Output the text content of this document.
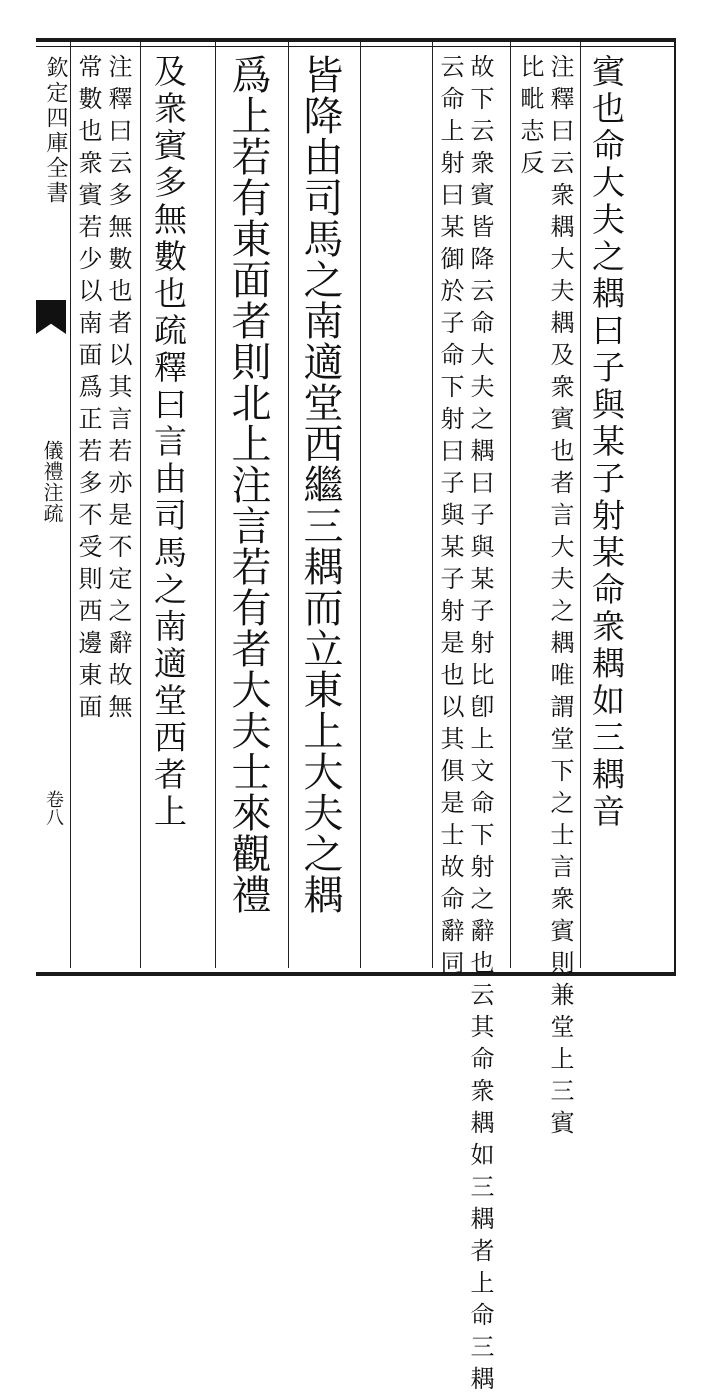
欽定四庫全書
儀禮注疏
卷八	賓也命大夫之耦曰子與某子射某命衆耦如三耦音
注釋曰云衆耦大夫耦及衆賓也者言大夫之耦唯謂堂下之士言衆賓則兼堂上三賓
比毗志反
故下云衆賓皆降云命大夫之耦曰子與某子射比卽上文命下射之辭也云其命衆耦如三耦者上命三耦
云命上射曰某御於子命下射曰子與某子射是也以其俱是士故命辭同
皆降由司馬之南適堂西繼三耦而立東上大夫之耦
爲上若有東面者則北上注言若有者大夫士來觀禮
及衆賓多無數也疏釋曰言由司馬之南適堂西者上
注釋曰云多無數也者以其言若亦是不定之辭故無
常數也衆賓若少以南面爲正若多不受則西邊東面
